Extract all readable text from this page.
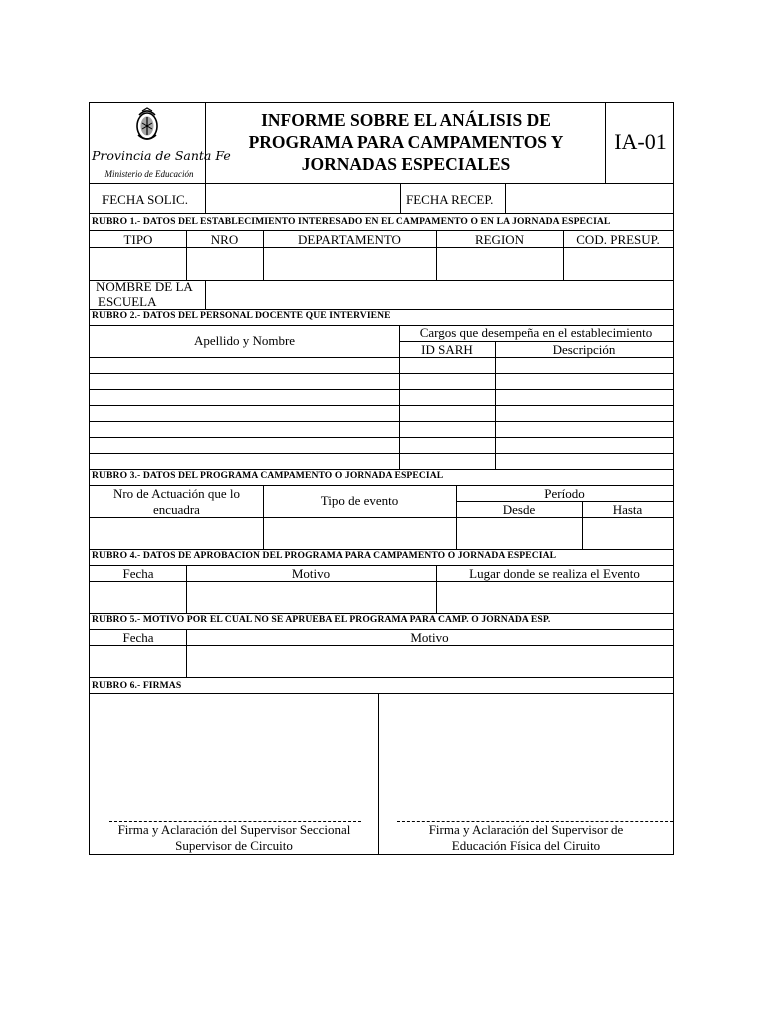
Provincia de Santa Fe
Ministerio de Educación
INFORME SOBRE EL ANÁLISIS DE
PROGRAMA PARA CAMPAMENTOS Y
JORNADAS ESPECIALES
IA-01
FECHA SOLIC.	FECHA RECEP.
RUBRO 1.- DATOS DEL ESTABLECIMIENTO INTERESADO EN EL CAMPAMENTO O EN LA JORNADA ESPECIAL
TIPO	NRO	DEPARTAMENTO	REGION	COD. PRESUP.
NOMBRE DE LA
ESCUELA
RUBRO 2.- DATOS DEL PERSONAL DOCENTE QUE INTERVIENE
Apellido y Nombre
Cargos que desempeña en el establecimiento
ID SARH	Descripción
RUBRO 3.- DATOS DEL PROGRAMA CAMPAMENTO O JORNADA ESPECIAL
Nro de Actuación que lo
encuadra
Tipo de evento	Período
Desde	Hasta
RUBRO 4.- DATOS DE APROBACION DEL PROGRAMA PARA CAMPAMENTO O JORNADA ESPECIAL
Fecha	Motivo	Lugar donde se realiza el Evento
RUBRO 5.- MOTIVO POR EL CUAL NO SE APRUEBA EL PROGRAMA PARA CAMP. O JORNADA ESP.
Fecha	Motivo
RUBRO 6.- FIRMAS
Firma y Aclaración del Supervisor Seccional
Supervisor de Circuito
Firma y Aclaración del Supervisor de
Educación Física del Ciruito
